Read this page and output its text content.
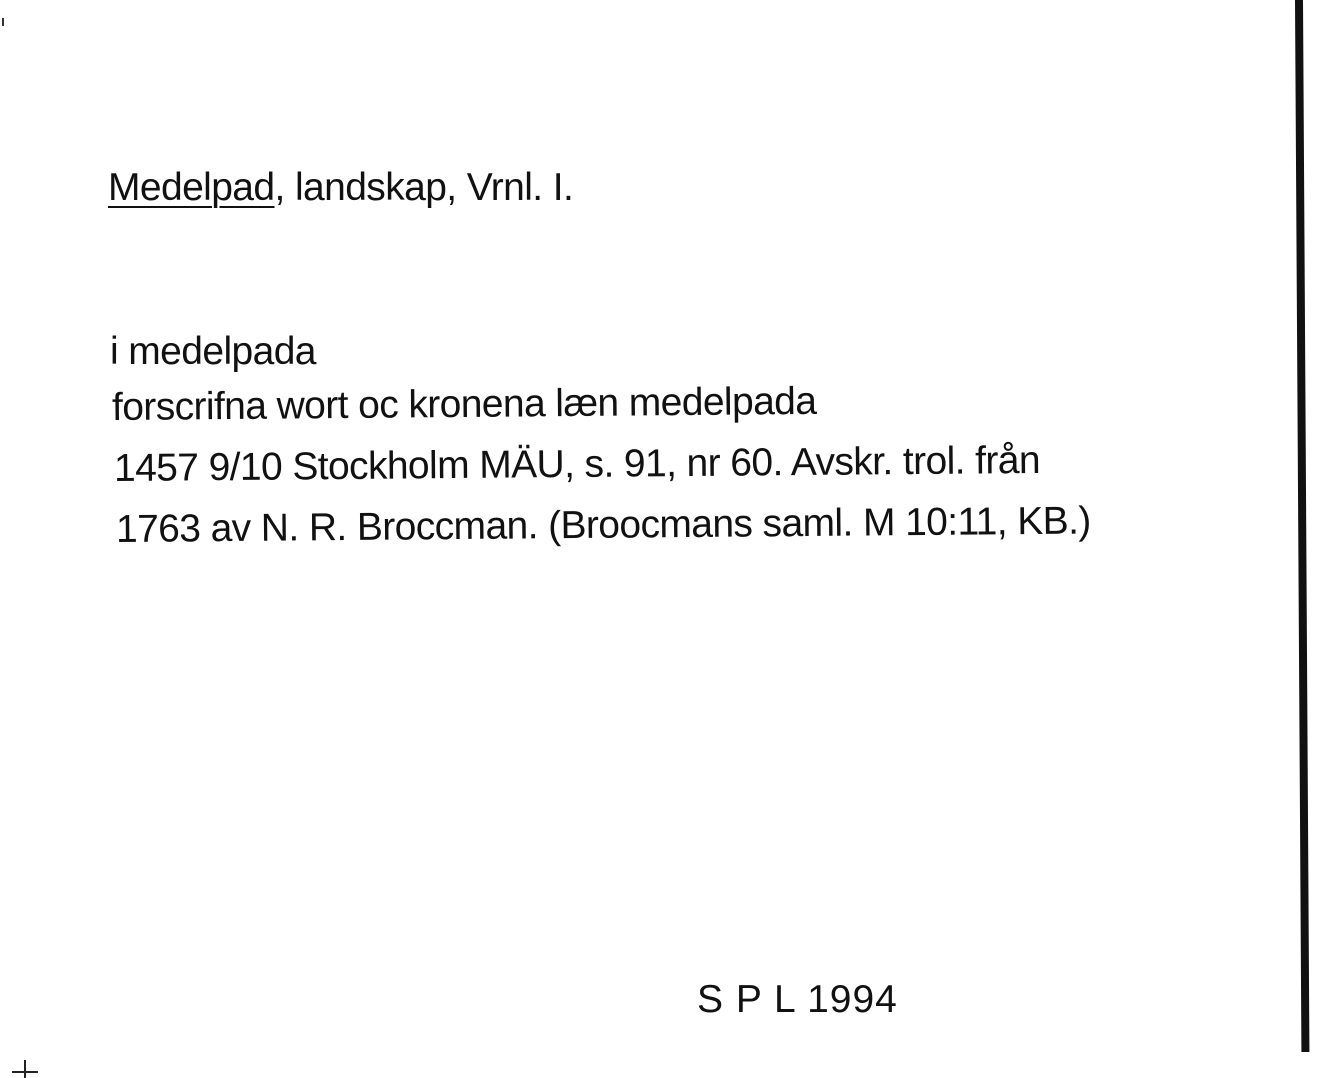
Medelpad, landskap, Vrnl. I.
i medelpada
forscrifna wort oc kronena læn medelpada
1457 9/10 Stockholm MÄU, s. 91, nr 60. Avskr. trol. från
1763 av N. R. Broccman. (Broocmans saml. M 10:11, KB.)
S P L 1994
